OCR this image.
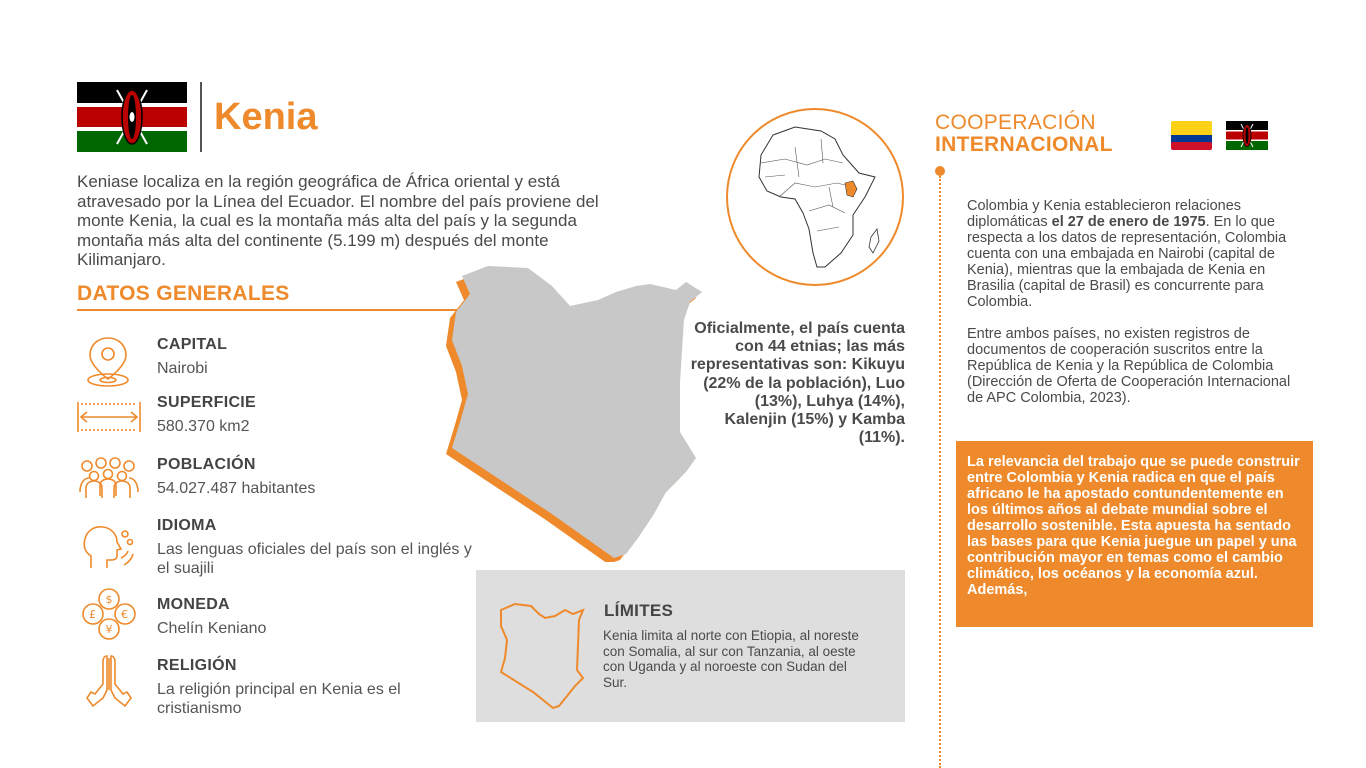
Kenia
Keniase localiza en la región geográfica de África oriental y está atravesado por la Línea del Ecuador. El nombre del país proviene del monte Kenia, la cual es la montaña más alta del país y la segunda montaña más alta del continente (5.199 m) después del monte Kilimanjaro.
DATOS GENERALES
CAPITAL
Nairobi
SUPERFICIE
580.370 km2
POBLACIÓN
54.027.487 habitantes
IDIOMA
Las lenguas oficiales del país son el inglés y el suajili
$
£ €
¥
MONEDA
Chelín Keniano
RELIGIÓN
La religión principal en Kenia es el cristianismo
Oficialmente, el país cuenta con 44 etnias; las más representativas son: Kikuyu (22% de la población), Luo (13%), Luhya (14%), Kalenjin (15%) y Kamba (11%).
LÍMITES
Kenia limita al norte con Etiopia, al noreste con Somalia, al sur con Tanzania, al oeste con Uganda y al noroeste con Sudan del Sur.
COOPERACIÓN
INTERNACIONAL
Colombia y Kenia establecieron relaciones diplomáticas el 27 de enero de 1975. En lo que respecta a los datos de representación, Colombia cuenta con una embajada en Nairobi (capital de Kenia), mientras que la embajada de Kenia en Brasilia (capital de Brasil) es concurrente para Colombia.
Entre ambos países, no existen registros de documentos de cooperación suscritos entre la República de Kenia y la República de Colombia (Dirección de Oferta de Cooperación Internacional de APC Colombia, 2023).
La relevancia del trabajo que se puede construir entre Colombia y Kenia radica en que el país africano le ha apostado contundentemente en los últimos años al debate mundial sobre el desarrollo sostenible. Esta apuesta ha sentado las bases para que Kenia juegue un papel y una contribución mayor en temas como el cambio climático, los océanos y la economía azul. Además,
